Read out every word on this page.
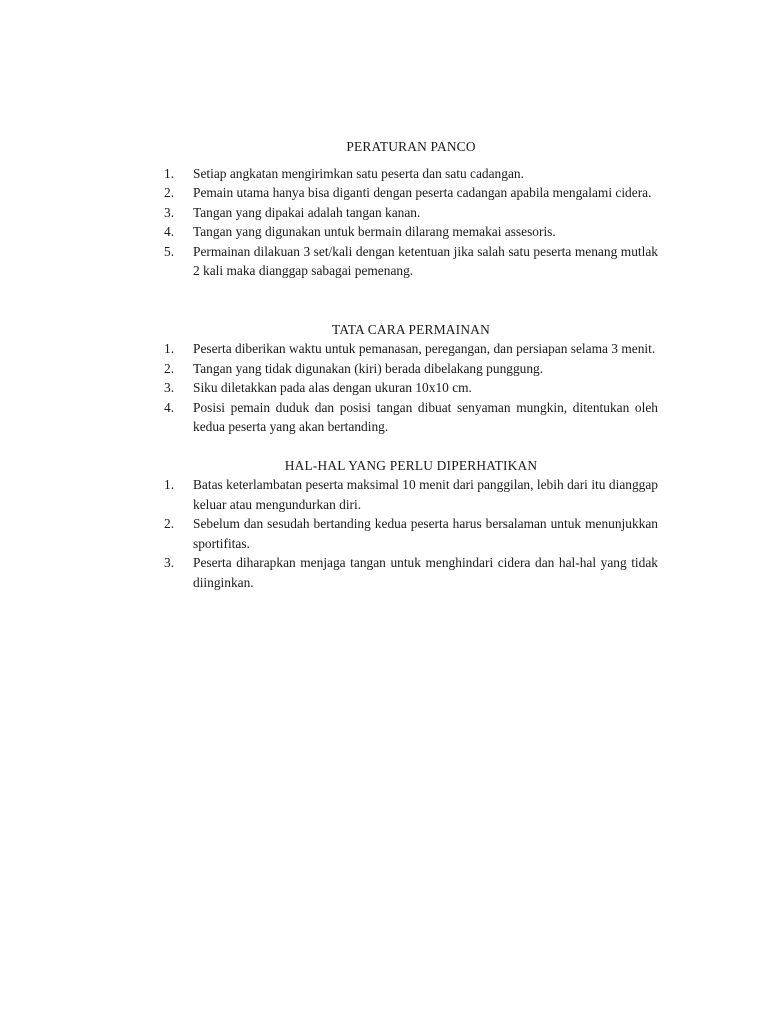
PERATURAN PANCO
1. Setiap angkatan mengirimkan satu peserta dan satu cadangan.
2. Pemain utama hanya bisa diganti dengan peserta cadangan apabila mengalami cidera.
3. Tangan yang dipakai adalah tangan kanan.
4. Tangan yang digunakan untuk bermain dilarang memakai assesoris.
5. Permainan dilakuan 3 set/kali dengan ketentuan jika salah satu peserta menang mutlak 2 kali maka dianggap sabagai pemenang.
TATA CARA PERMAINAN
1. Peserta diberikan waktu untuk pemanasan, peregangan, dan persiapan selama 3 menit.
2. Tangan yang tidak digunakan (kiri) berada dibelakang punggung.
3. Siku diletakkan pada alas dengan ukuran 10x10 cm.
4. Posisi pemain duduk dan posisi tangan dibuat senyaman mungkin, ditentukan oleh kedua peserta yang akan bertanding.
HAL-HAL YANG PERLU DIPERHATIKAN
1. Batas keterlambatan peserta maksimal 10 menit dari panggilan, lebih dari itu dianggap keluar atau mengundurkan diri.
2. Sebelum dan sesudah bertanding kedua peserta harus bersalaman untuk menunjukkan sportifitas.
3. Peserta diharapkan menjaga tangan untuk menghindari cidera dan hal-hal yang tidak diinginkan.
